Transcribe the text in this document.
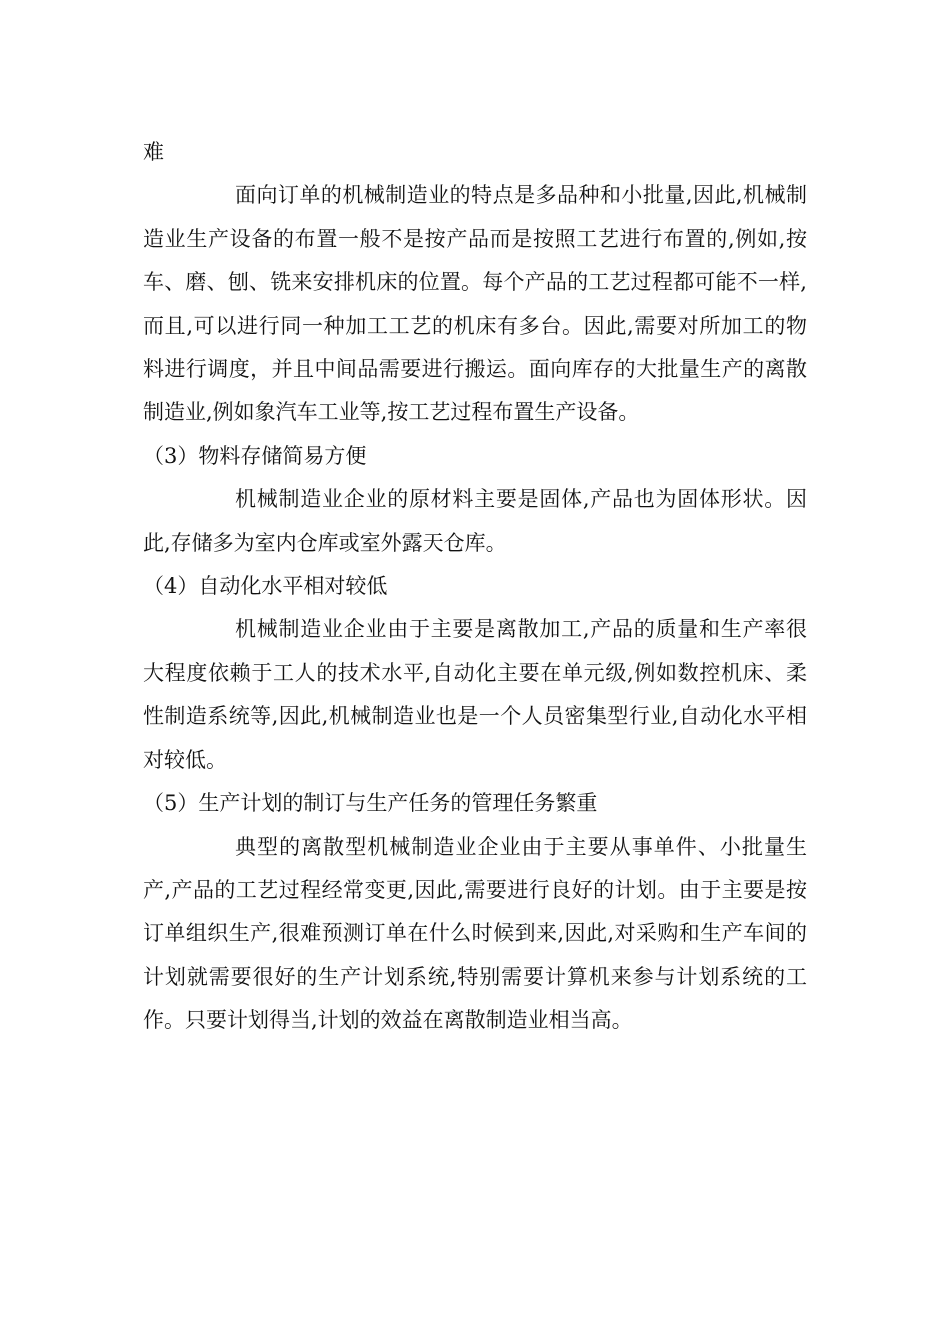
难

面向订单的机械制造业的特点是多品种和小批量,因此,机械制造业生产设备的布置一般不是按产品而是按照工艺进行布置的,例如,按车、磨、刨、铣来安排机床的位置。每个产品的工艺过程都可能不一样,而且,可以进行同一种加工工艺的机床有多台。因此,需要对所加工的物料进行调度，并且中间品需要进行搬运。面向库存的大批量生产的离散制造业,例如象汽车工业等,按工艺过程布置生产设备。

（3）物料存储简易方便

机械制造业企业的原材料主要是固体,产品也为固体形状。因此,存储多为室内仓库或室外露天仓库。

（4）自动化水平相对较低

机械制造业企业由于主要是离散加工,产品的质量和生产率很大程度依赖于工人的技术水平,自动化主要在单元级,例如数控机床、柔性制造系统等,因此,机械制造业也是一个人员密集型行业,自动化水平相对较低。

（5）生产计划的制订与生产任务的管理任务繁重

典型的离散型机械制造业企业由于主要从事单件、小批量生产,产品的工艺过程经常变更,因此,需要进行良好的计划。由于主要是按订单组织生产,很难预测订单在什么时候到来,因此,对采购和生产车间的计划就需要很好的生产计划系统,特别需要计算机来参与计划系统的工作。只要计划得当,计划的效益在离散制造业相当高。
